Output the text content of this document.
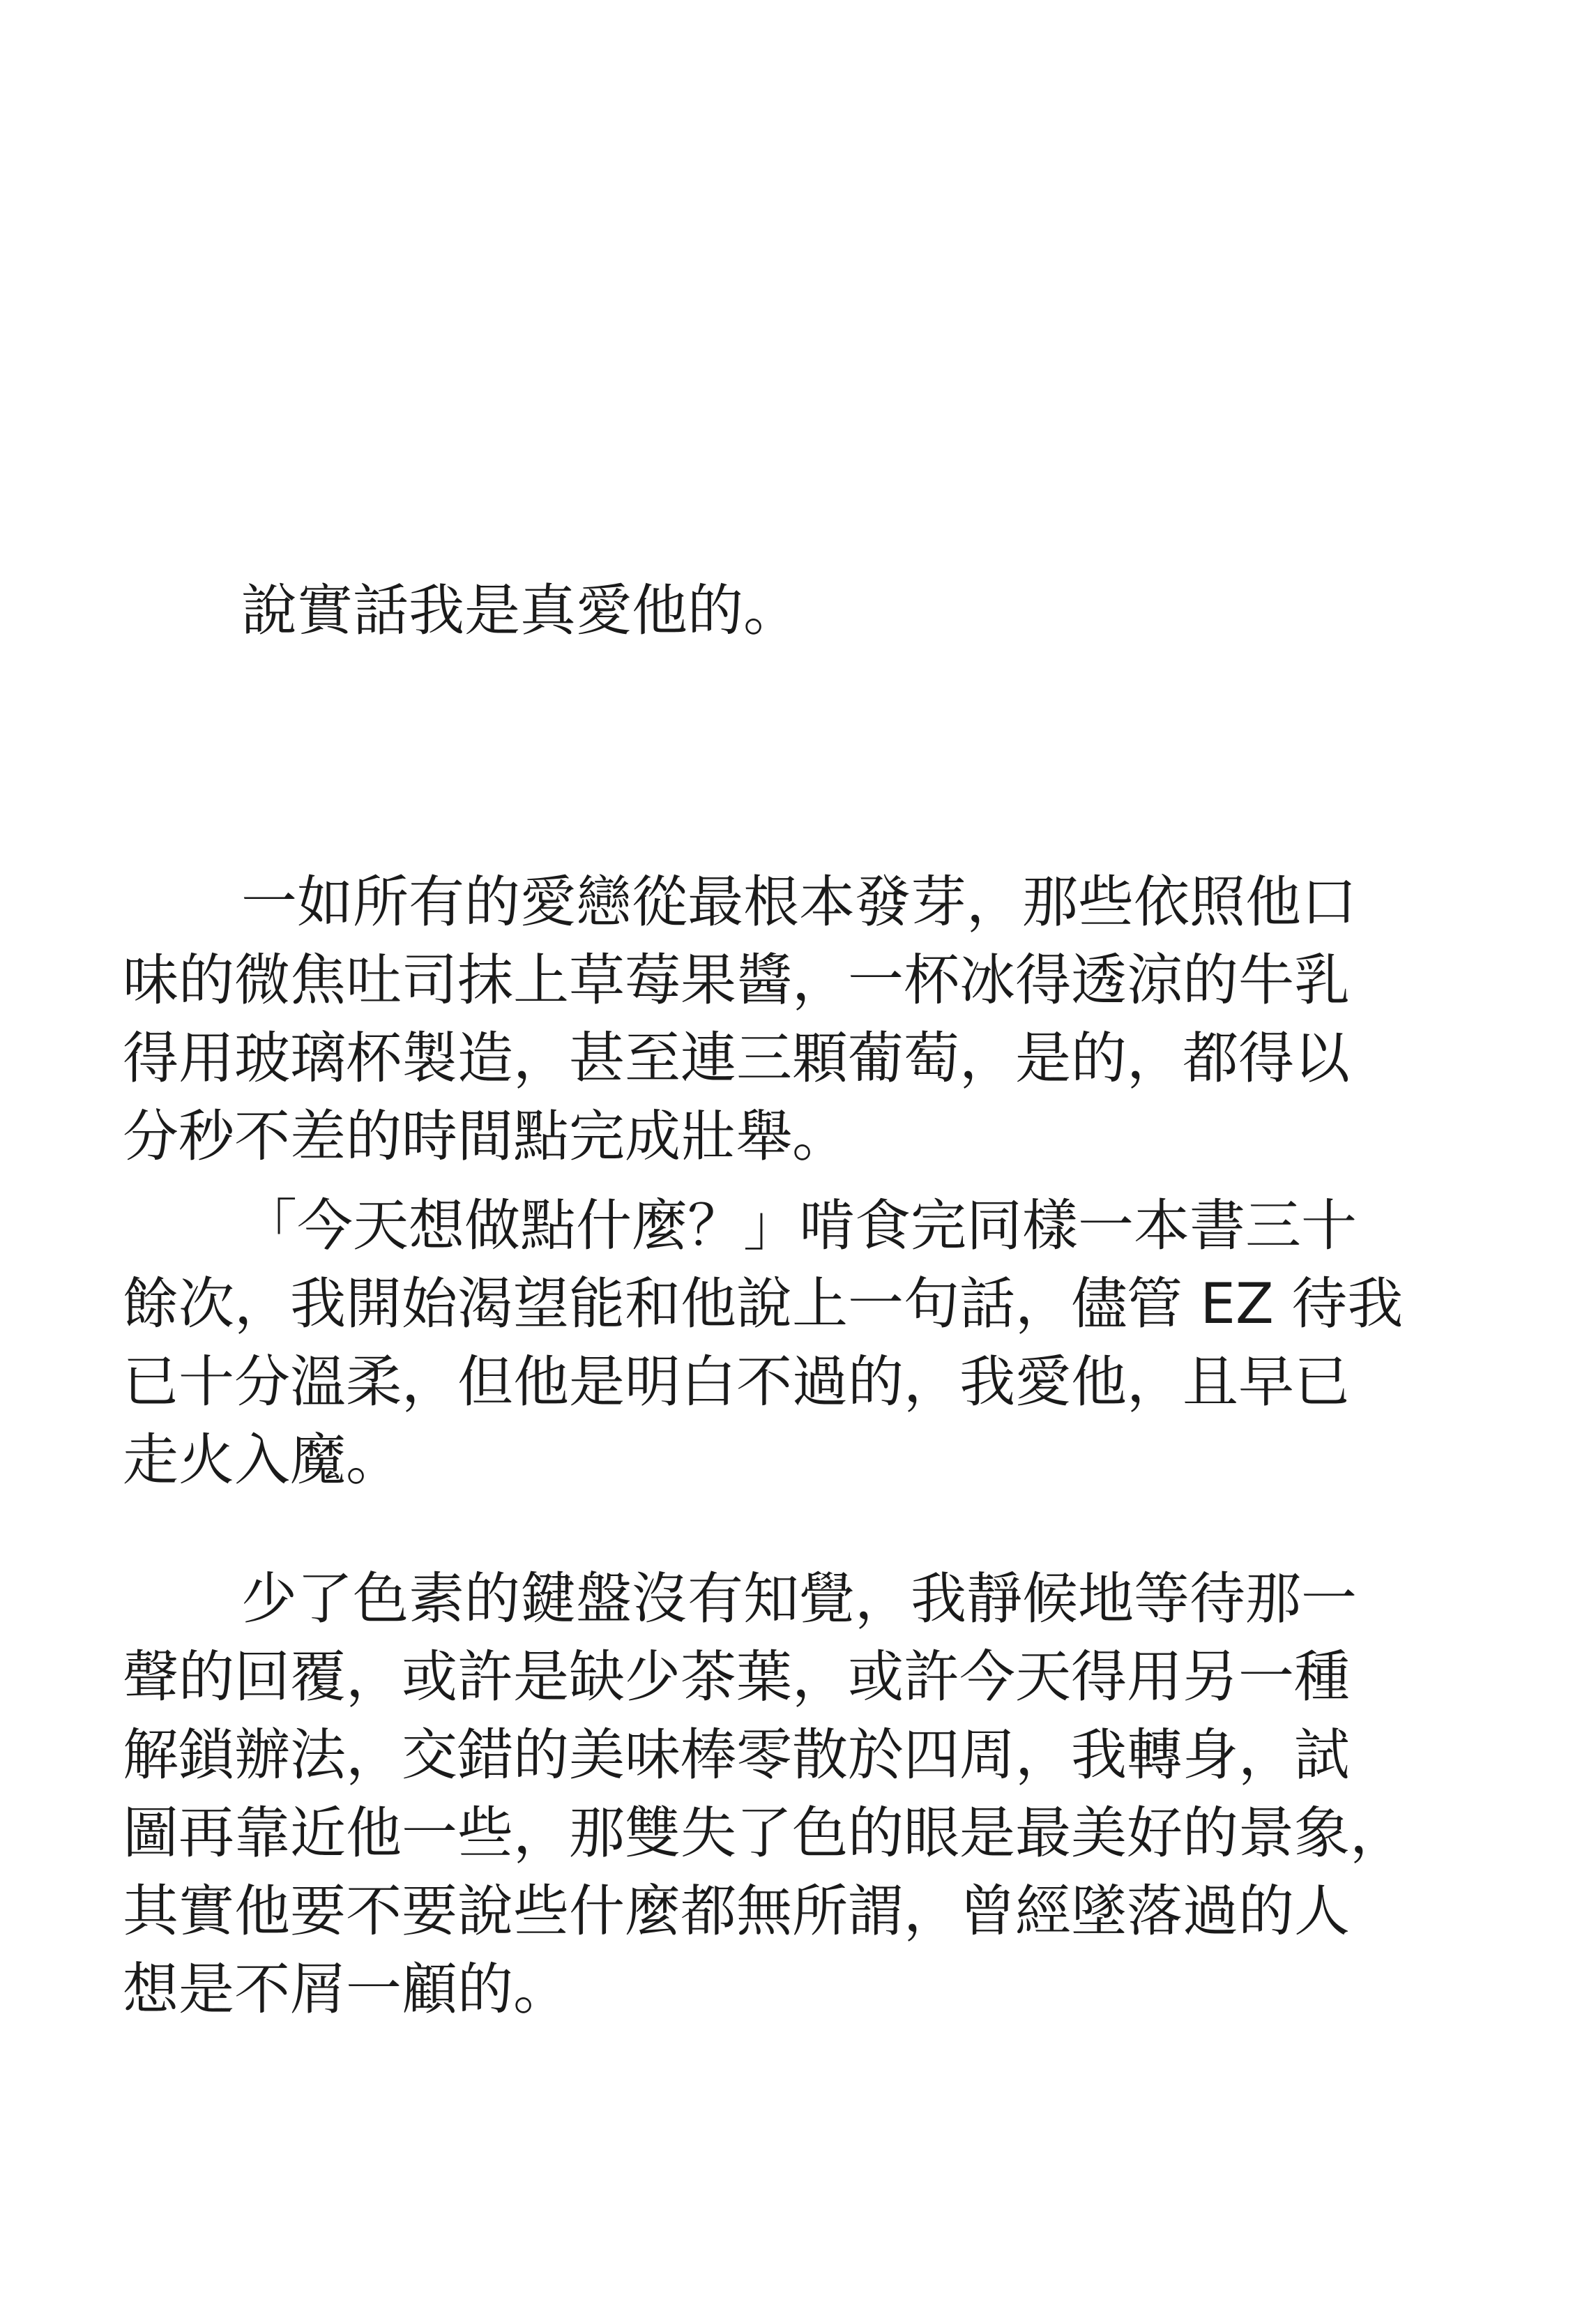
說實話我是真愛他的。

一如所有的愛戀從最根本發芽，那些依照他口
味的微焦吐司抹上草莓果醬，一杯冰得透涼的牛乳
得用玻璃杯製造，甚至連三顆葡萄，是的，都得以
分秒不差的時間點完成壯舉。

「今天想做點什麼？」啃食完同樣一本書三十
餘次，我開始渴望能和他說上一句話，儘管 EZ 待我
已十分溫柔，但他是明白不過的，我愛他，且早已
走火入魔。

少了色素的鍵盤沒有知覺，我靜候地等待那一
聲的回覆，或許是缺少茶葉，或許今天得用另一種
解鎖辦法，交錯的美味棒零散於四周，我轉身，試
圖再靠近他一些，那雙失了色的眼是最美好的景象，
其實他要不要說些什麼都無所謂，曾經墜落過的人
想是不屑一顧的。
